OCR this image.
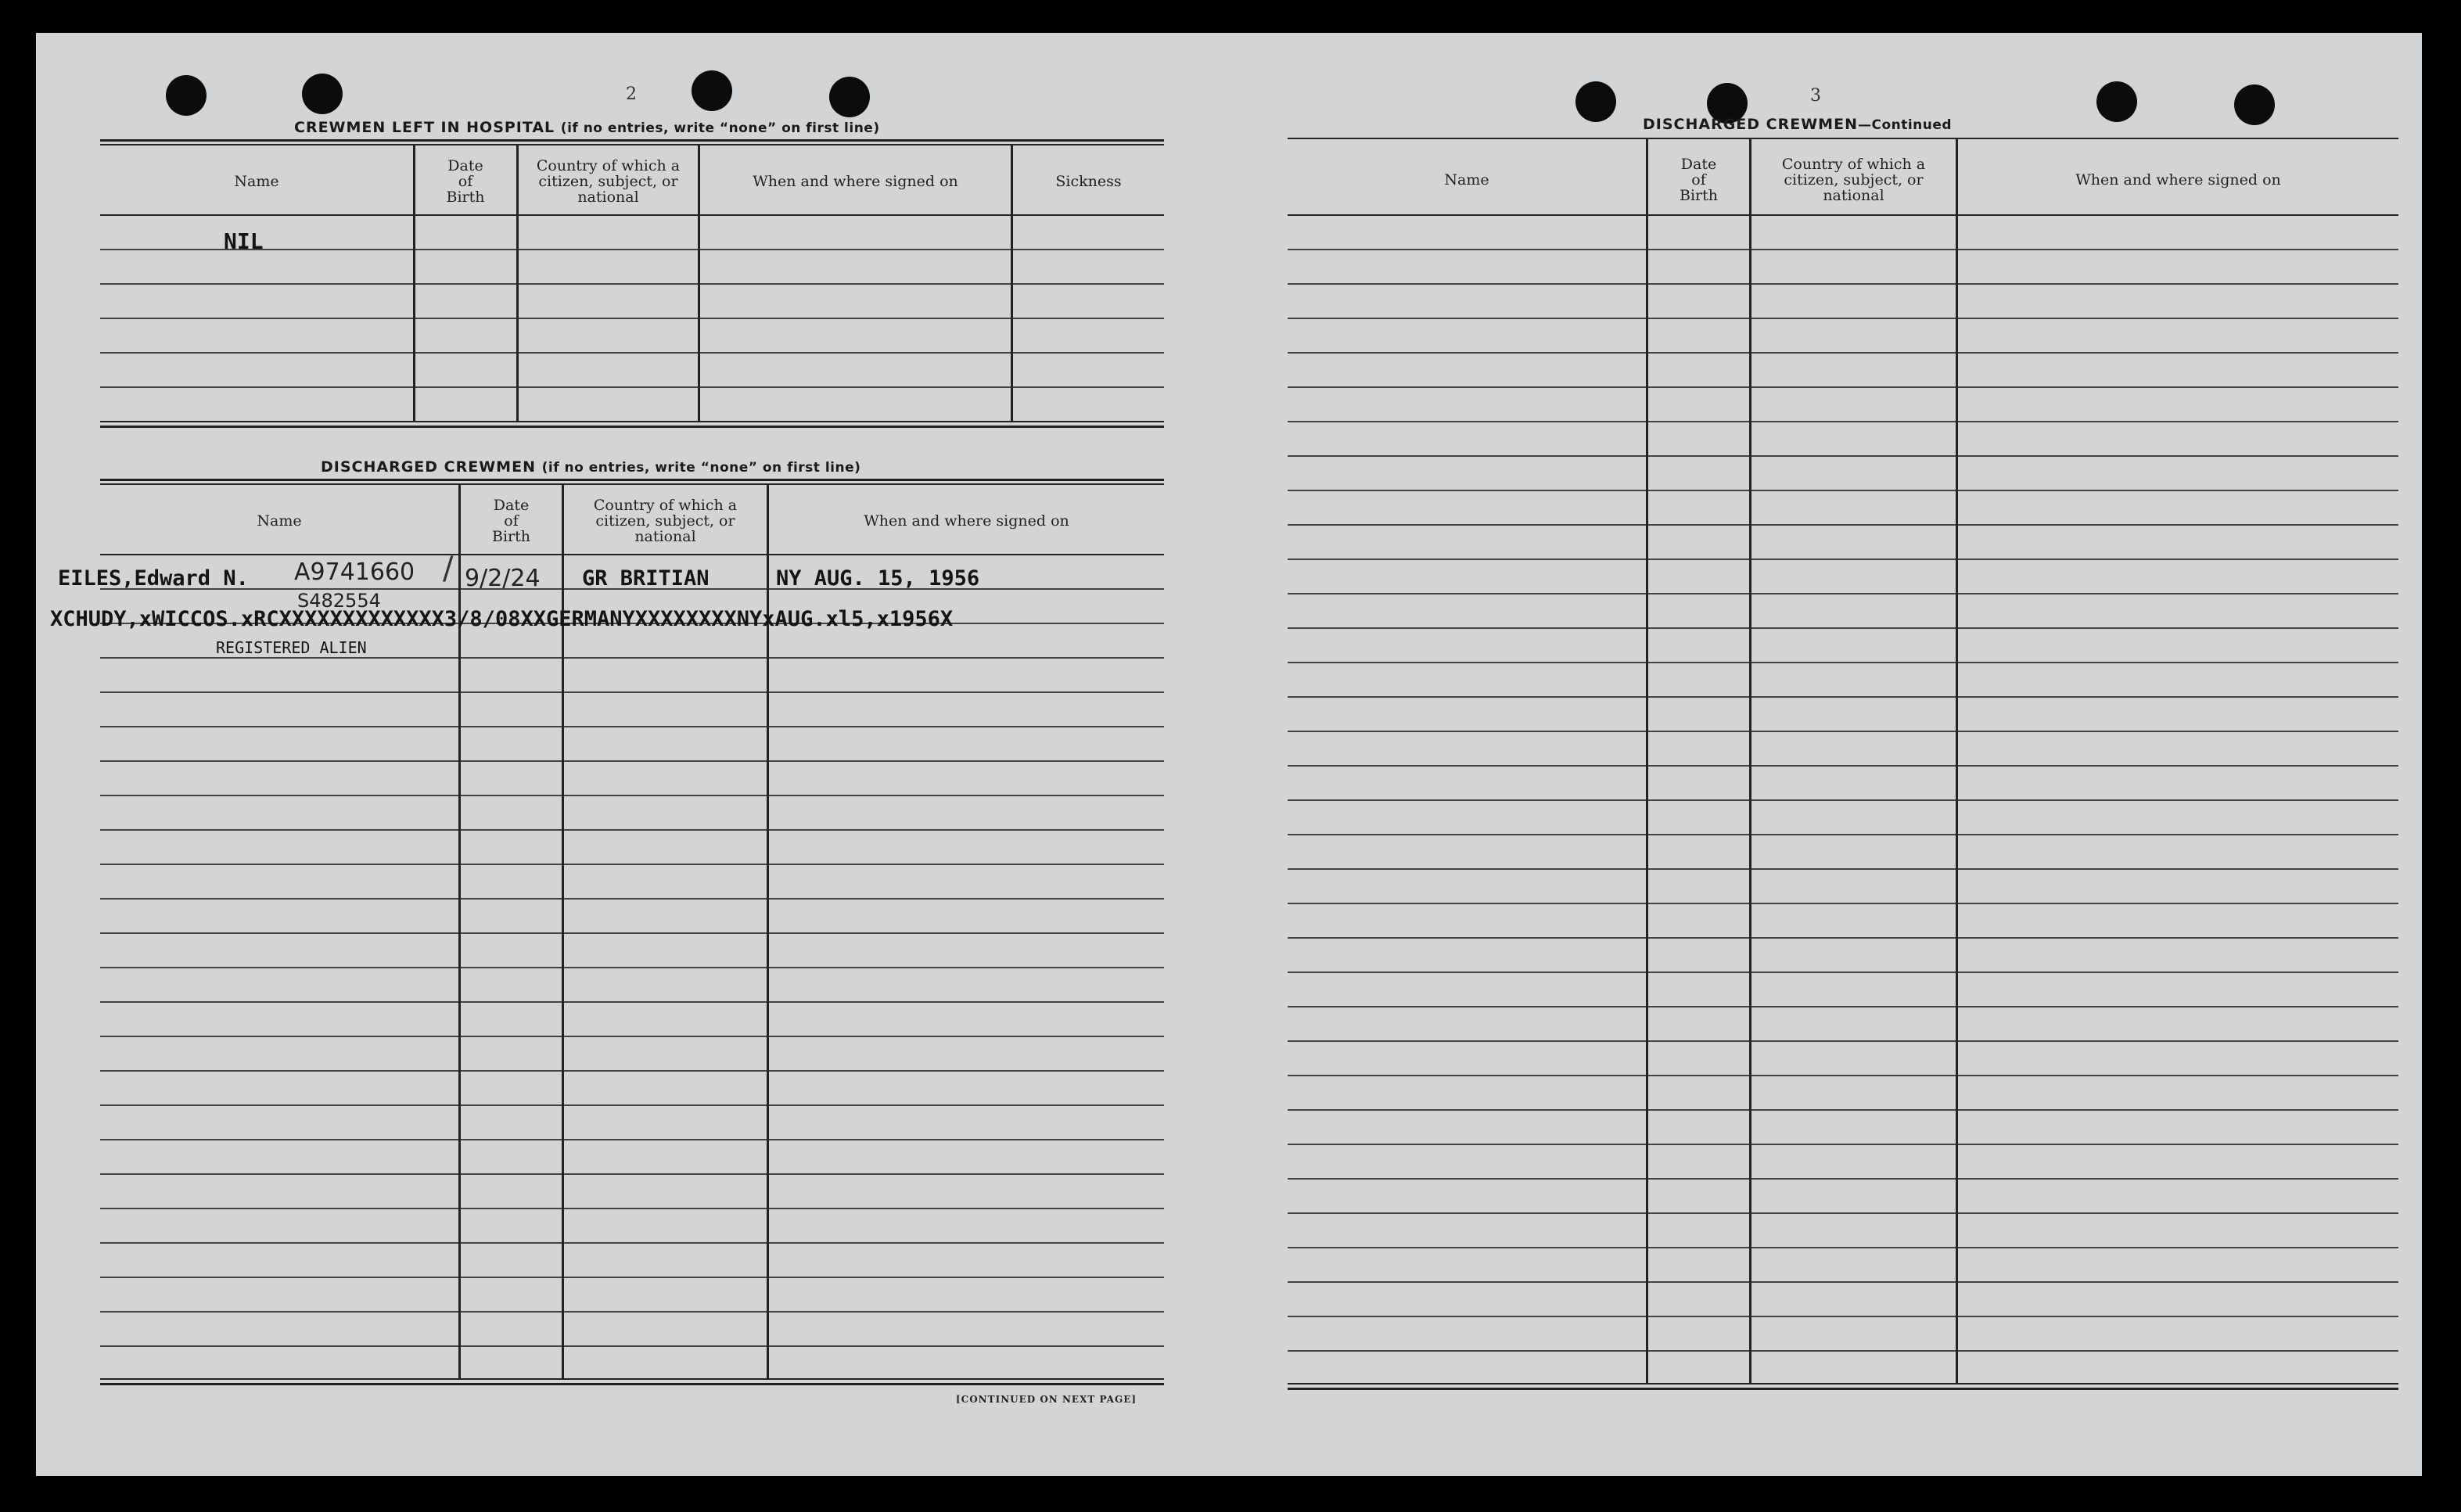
2
CREWMEN LEFT IN HOSPITAL (if no entries, write “none” on first line)
Name
Date
of
Birth
Country of which a
citizen, subject, or
national
When and where signed on	Sickness
NIL
DISCHARGED CREWMEN (if no entries, write “none” on first line)
Name
Date
of
Birth
Country of which a
citizen, subject, or
national
When and where signed on
EILES,Edward N. A9741660 / 9/2/24 GR BRITIAN	NY AUG. 15, 1956
S482554
XCHUDY,xWICCOS.xRCXXXXXXXXXXXXX3/8/08XXGERMANYXXXXXXXXNYxAUG.xl5,x1956X
REGISTERED ALIEN
[CONTINUED ON NEXT PAGE]
3
DISCHARGED CREWMEN—Continued
Name
Date
of
Birth
Country of which a
citizen, subject, or
national
When and where signed on
